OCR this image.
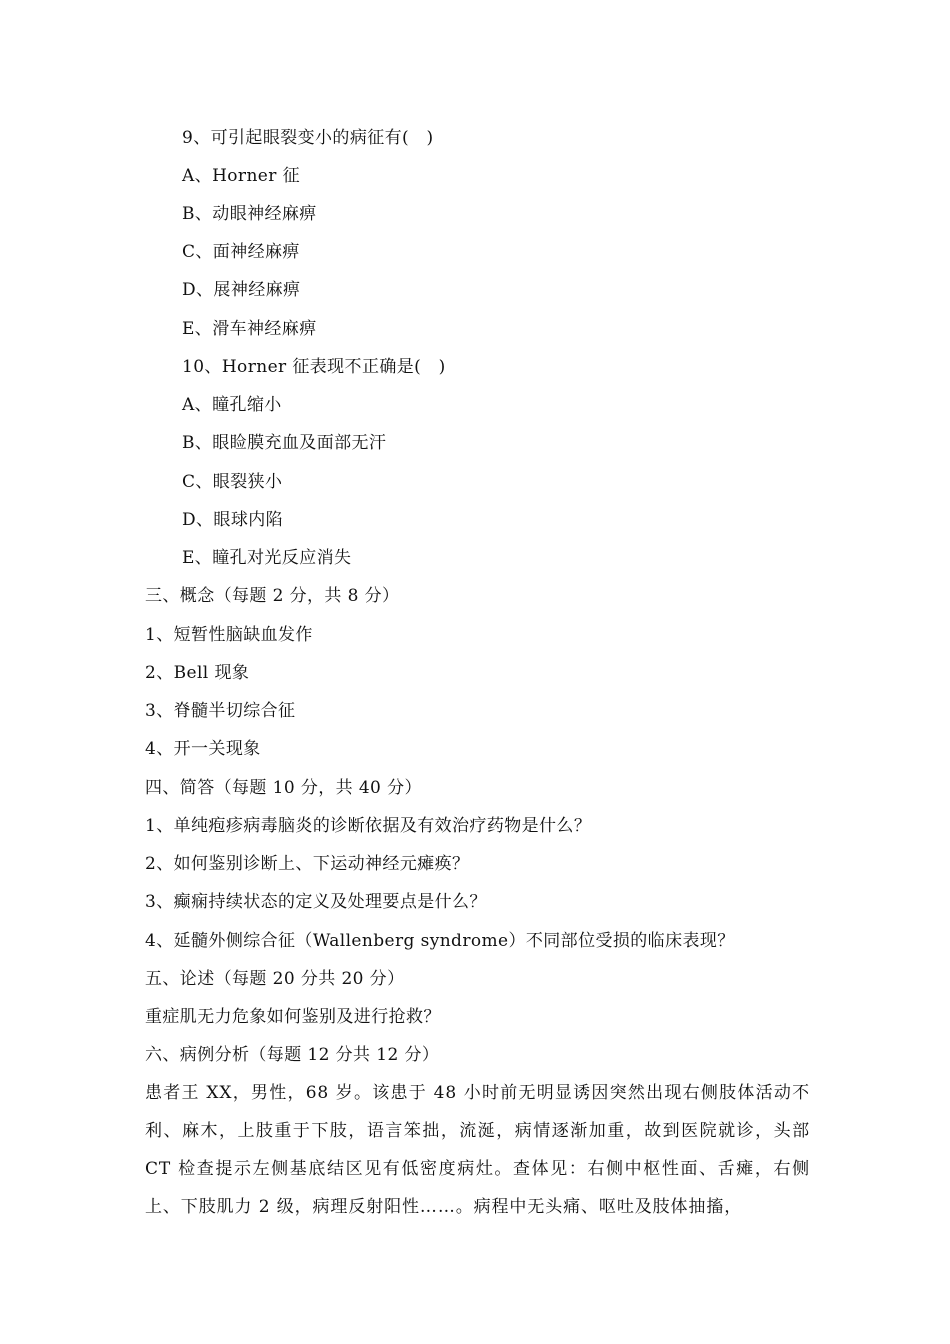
9、可引起眼裂变小的病征有(　)
A、Horner 征
B、动眼神经麻痹
C、面神经麻痹
D、展神经麻痹
E、滑车神经麻痹
10、Horner 征表现不正确是(　)
A、瞳孔缩小
B、眼睑膜充血及面部无汗
C、眼裂狭小
D、眼球内陷
E、瞳孔对光反应消失
三、概念（每题 2 分，共 8 分）
1、短暂性脑缺血发作
2、Bell 现象
3、脊髓半切综合征
4、开一关现象
四、简答（每题 10 分，共 40 分）
1、单纯疱疹病毒脑炎的诊断依据及有效治疗药物是什么？
2、如何鉴别诊断上、下运动神经元瘫痪？
3、癫痫持续状态的定义及处理要点是什么？
4、延髓外侧综合征（Wallenberg syndrome）不同部位受损的临床表现？
五、论述（每题 20 分共 20 分）
重症肌无力危象如何鉴别及进行抢救？
六、病例分析（每题 12 分共 12 分）
患者王 XX，男性，68 岁。该患于 48 小时前无明显诱因突然出现右侧肢体活动不利、麻木，上肢重于下肢，语言笨拙，流涎，病情逐渐加重，故到医院就诊，头部 CT 检查提示左侧基底结区见有低密度病灶。查体见：右侧中枢性面、舌瘫，右侧上、下肢肌力 2 级，病理反射阳性……。病程中无头痛、呕吐及肢体抽搐，
